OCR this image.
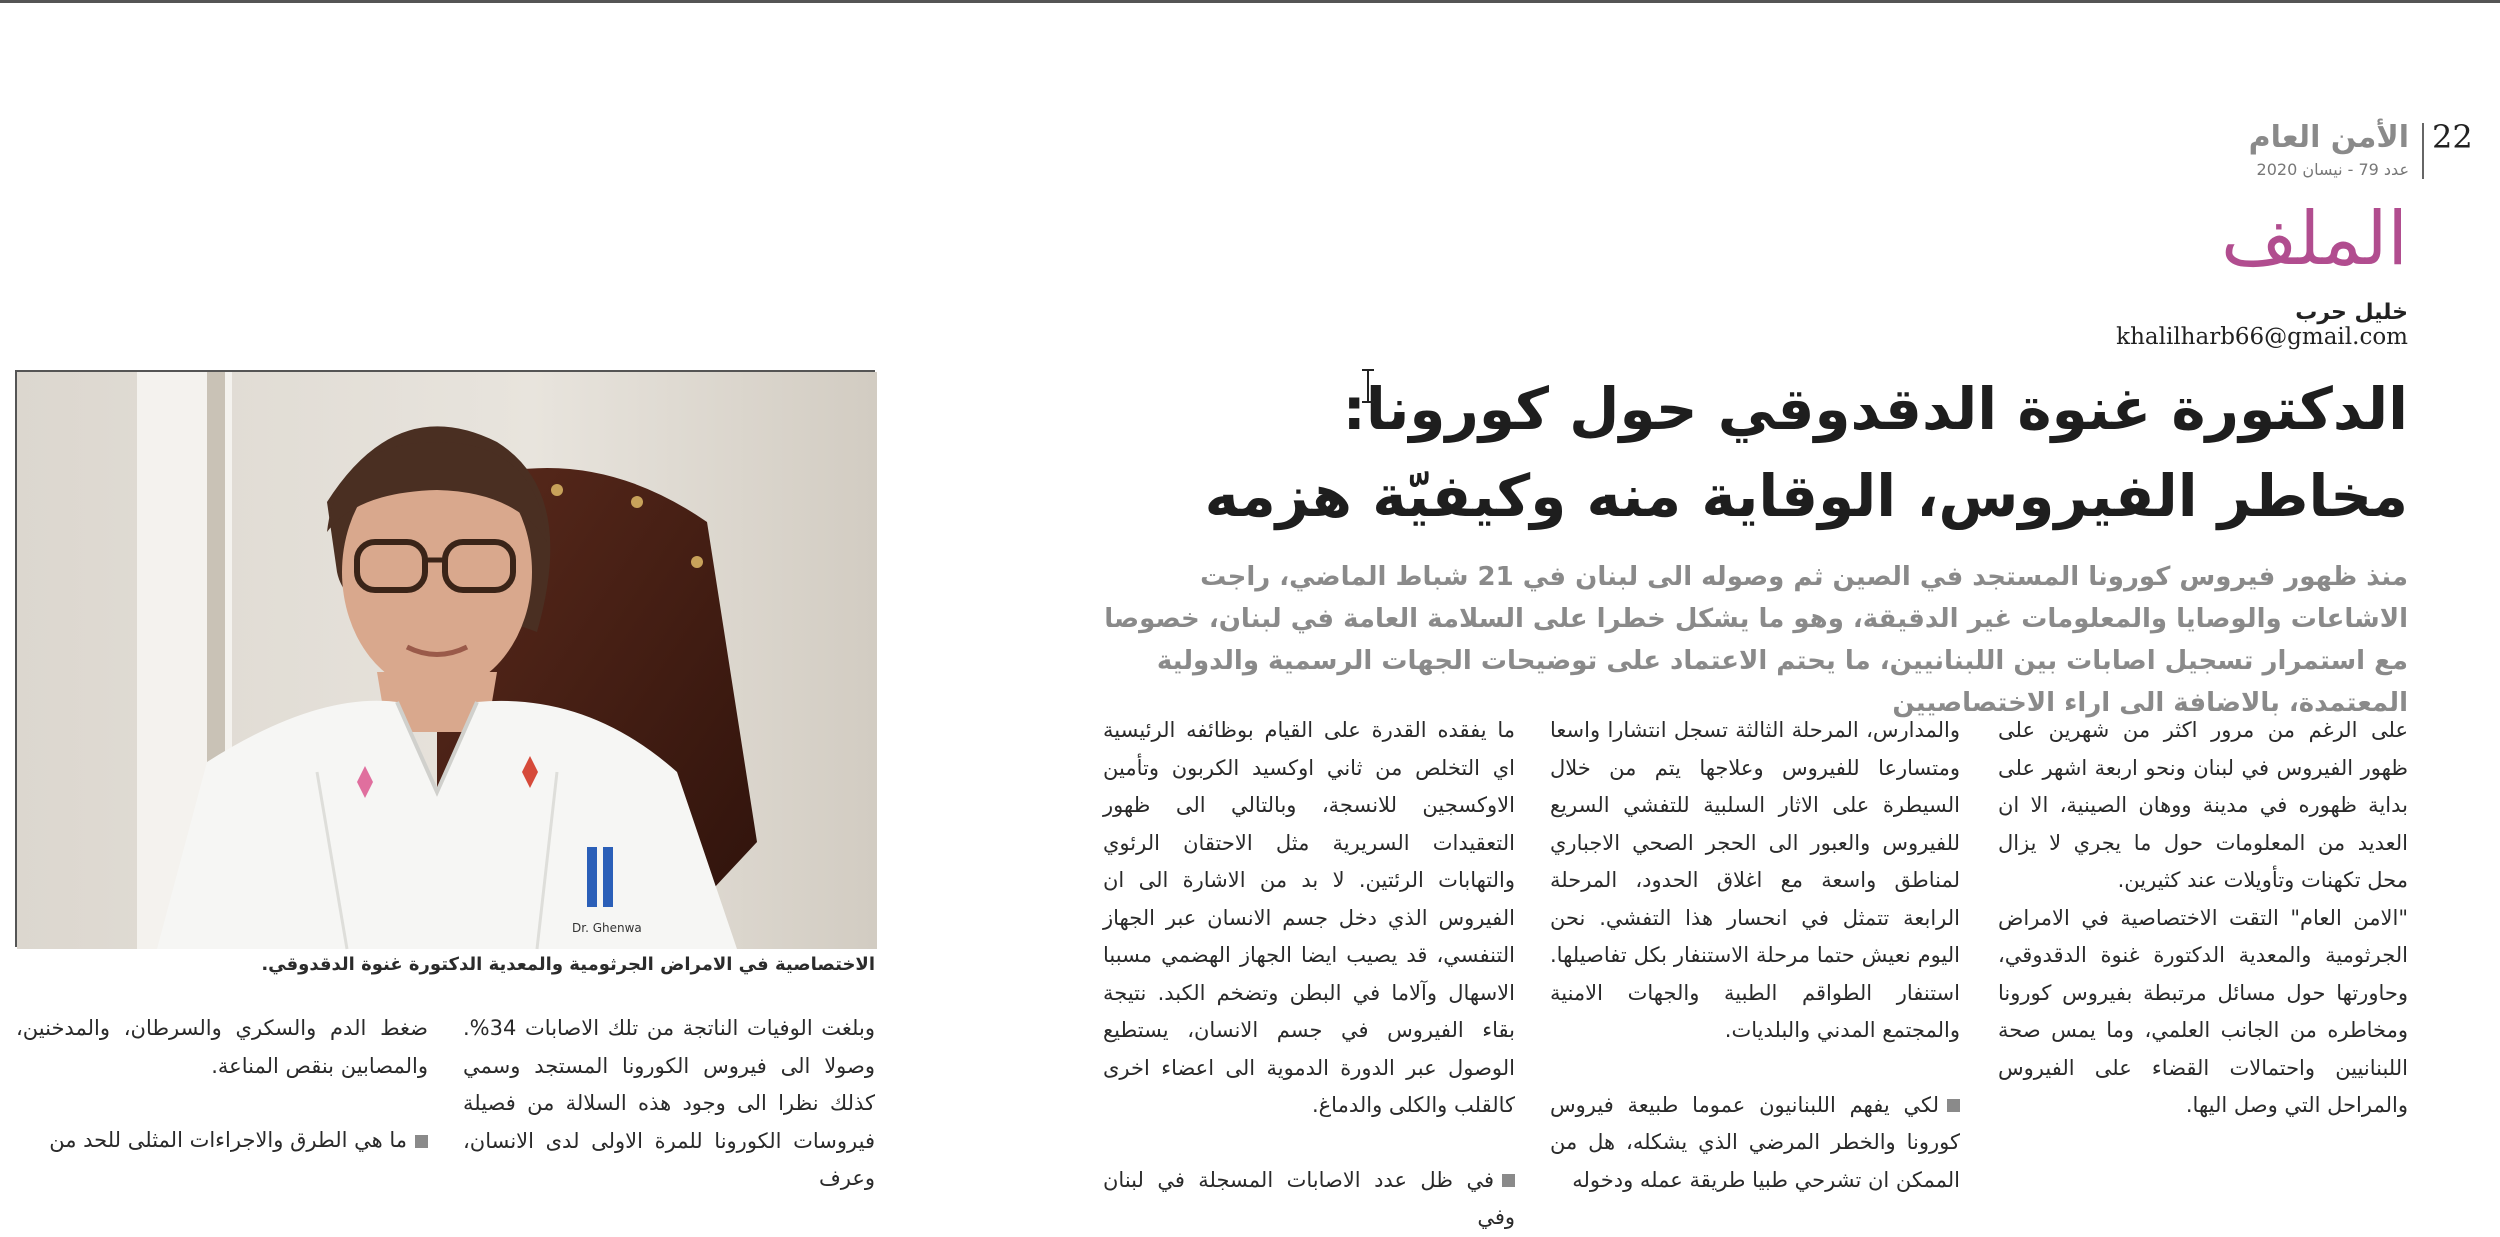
22
الأمن العام
عدد 79 - نيسان 2020
الملف
خليل حرب
khalilharb66@gmail.com
الدكتورة غنوة الدقدوقي حول كورونا:
مخاطر الفيروس، الوقاية منه وكيفيّة هزمه
منذ ظهور فيروس كورونا المستجد في الصين ثم وصوله الى لبنان في 21 شباط الماضي، راجت الاشاعات والوصايا والمعلومات غير الدقيقة، وهو ما يشكل خطرا على السلامة العامة في لبنان، خصوصا مع استمرار تسجيل اصابات بين اللبنانيين، ما يحتم الاعتماد على توضيحات الجهات الرسمية والدولية المعتمدة، بالاضافة الى اراء الاختصاصيين

على الرغم من مرور اكثر من شهرين على ظهور الفيروس في لبنان ونحو اربعة اشهر على بداية ظهوره في مدينة ووهان الصينية، الا ان العديد من المعلومات حول ما يجري لا يزال محل تكهنات وتأويلات عند كثيرين.

"الامن العام" التقت الاختصاصية في الامراض الجرثومية والمعدية الدكتورة غنوة الدقدوقي، وحاورتها حول مسائل مرتبطة بفيروس كورونا ومخاطره من الجانب العلمي، وما يمس صحة اللبنانيين واحتمالات القضاء على الفيروس والمراحل التي وصل اليها.

والمدارس، المرحلة الثالثة تسجل انتشارا واسعا ومتسارعا للفيروس وعلاجها يتم من خلال السيطرة على الاثار السلبية للتفشي السريع للفيروس والعبور الى الحجر الصحي الاجباري لمناطق واسعة مع اغلاق الحدود، المرحلة الرابعة تتمثل في انحسار هذا التفشي. نحن اليوم نعيش حتما مرحلة الاستنفار بكل تفاصيلها. استنفار الطواقم الطبية والجهات الامنية والمجتمع المدني والبلديات.

لكي يفهم اللبنانيون عموما طبيعة فيروس كورونا والخطر المرضي الذي يشكله، هل من الممكن ان تشرحي طبيا طريقة عمله ودخوله

ما يفقده القدرة على القيام بوظائفه الرئيسية اي التخلص من ثاني اوكسيد الكربون وتأمين الاوكسجين للانسجة، وبالتالي الى ظهور التعقيدات السريرية مثل الاحتقان الرئوي والتهابات الرئتين. لا بد من الاشارة الى ان الفيروس الذي دخل جسم الانسان عبر الجهاز التنفسي، قد يصيب ايضا الجهاز الهضمي مسببا الاسهال وآلاما في البطن وتضخم الكبد. نتيجة بقاء الفيروس في جسم الانسان، يستطيع الوصول عبر الدورة الدموية الى اعضاء اخرى كالقلب والكلى والدماغ.

في ظل عدد الاصابات المسجلة في لبنان وفي

Dr. Ghenwa
الاختصاصية في الامراض الجرثومية والمعدية الدكتورة غنوة الدقدوقي.

وبلغت الوفيات الناتجة من تلك الاصابات 34%. وصولا الى فيروس الكورونا المستجد وسمي كذلك نظرا الى وجود هذه السلالة من فصيلة فيروسات الكورونا للمرة الاولى لدى الانسان، وعرف

ضغط الدم والسكري والسرطان، والمدخنين، والمصابين بنقص المناعة.

ما هي الطرق والاجراءات المثلى للحد من
